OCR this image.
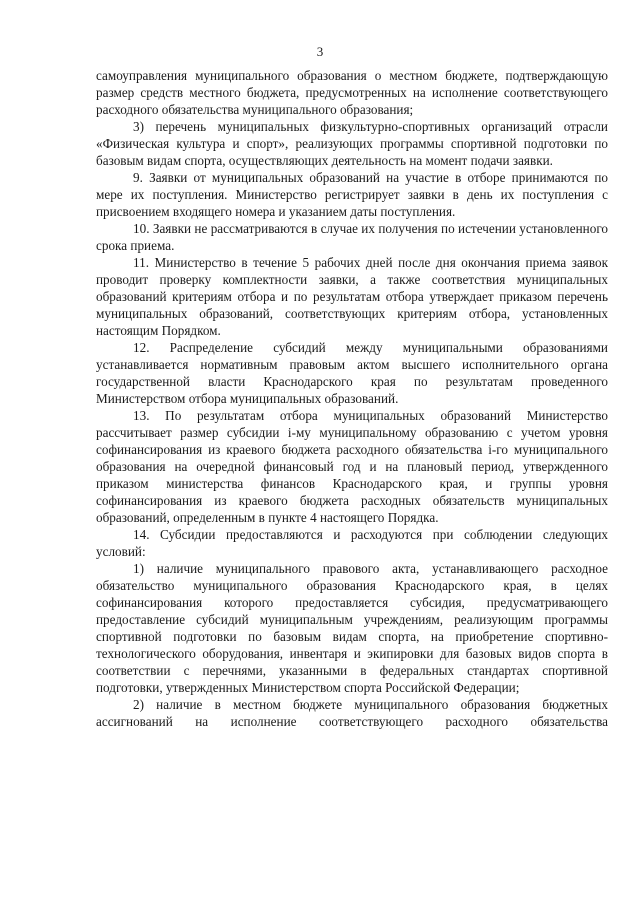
3

самоуправления муниципального образования о местном бюджете, подтверждающую размер средств местного бюджета, предусмотренных на исполнение соответствующего расходного обязательства муниципального образования;

3) перечень муниципальных физкультурно-спортивных организаций отрасли «Физическая культура и спорт», реализующих программы спортивной подготовки по базовым видам спорта, осуществляющих деятельность на момент подачи заявки.

9. Заявки от муниципальных образований на участие в отборе принимаются по мере их поступления. Министерство регистрирует заявки в день их поступления с присвоением входящего номера и указанием даты поступления.

10. Заявки не рассматриваются в случае их получения по истечении установленного срока приема.

11. Министерство в течение 5 рабочих дней после дня окончания приема заявок проводит проверку комплектности заявки, а также соответствия муниципальных образований критериям отбора и по результатам отбора утверждает приказом перечень муниципальных образований, соответствующих критериям отбора, установленных настоящим Порядком.

12. Распределение субсидий между муниципальными образованиями устанавливается нормативным правовым актом высшего исполнительного органа государственной власти Краснодарского края по результатам проведенного Министерством отбора муниципальных образований.

13. По результатам отбора муниципальных образований Министерство рассчитывает размер субсидии i-му муниципальному образованию с учетом уровня софинансирования из краевого бюджета расходного обязательства i-го муниципального образования на очередной финансовый год и на плановый период, утвержденного приказом министерства финансов Краснодарского края, и группы уровня софинансирования из краевого бюджета расходных обязательств муниципальных образований, определенным в пункте 4 настоящего Порядка.

14. Субсидии предоставляются и расходуются при соблюдении следующих условий:

1) наличие муниципального правового акта, устанавливающего расходное обязательство муниципального образования Краснодарского края, в целях софинансирования которого предоставляется субсидия, предусматривающего предоставление субсидий муниципальным учреждениям, реализующим программы спортивной подготовки по базовым видам спорта, на приобретение спортивно-технологического оборудования, инвентаря и экипировки для базовых видов спорта в соответствии с перечнями, указанными в федеральных стандартах спортивной подготовки, утвержденных Министерством спорта Российской Федерации;

2) наличие в местном бюджете муниципального образования бюджетных ассигнований на исполнение соответствующего расходного обязательства
